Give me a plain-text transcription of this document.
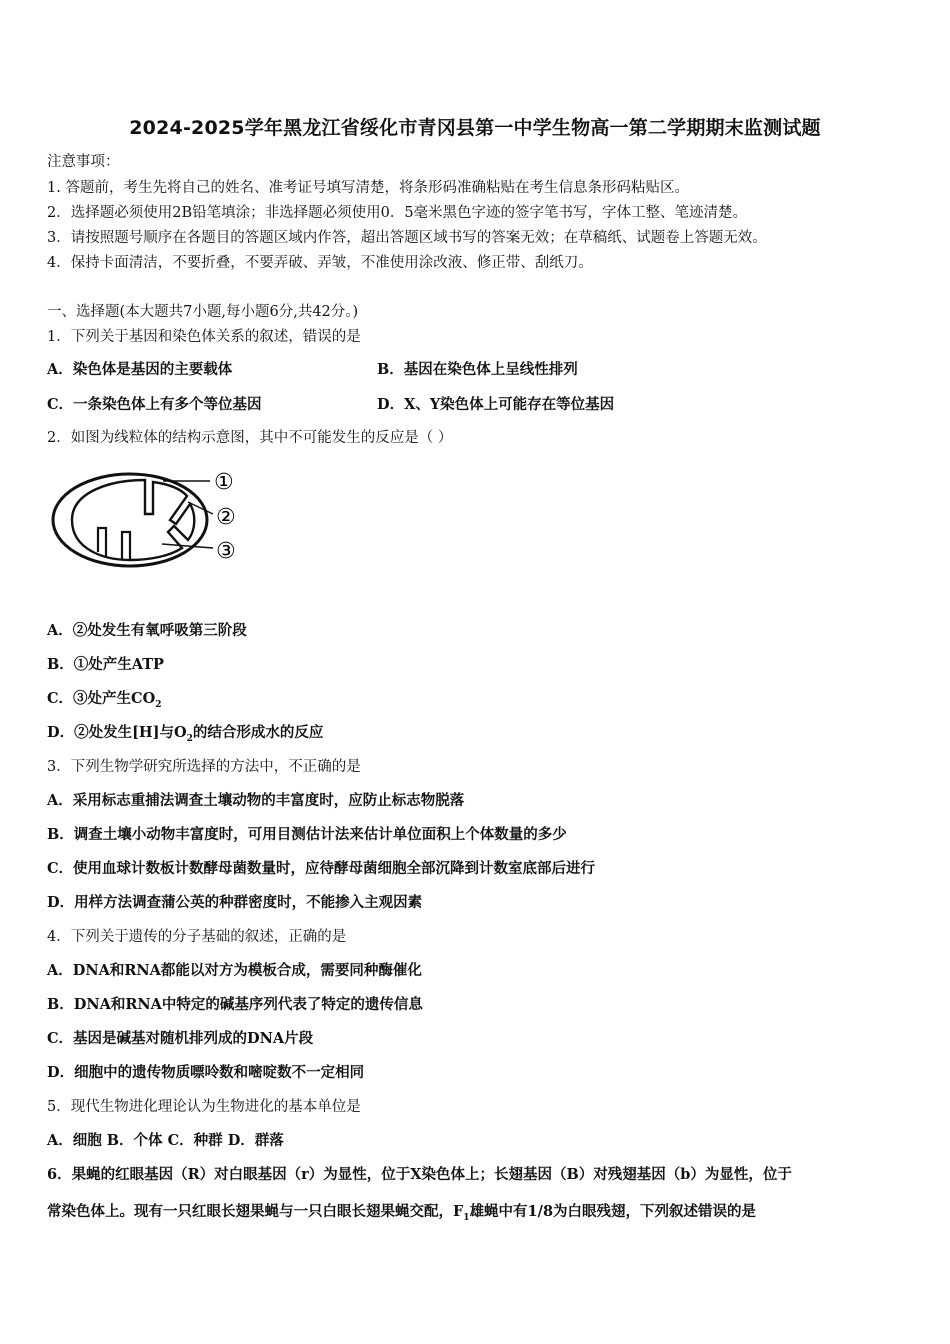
2024-2025学年黑龙江省绥化市青冈县第一中学生物高一第二学期期末监测试题
注意事项：
1. 答题前，考生先将自己的姓名、准考证号填写清楚，将条形码准确粘贴在考生信息条形码粘贴区。
2．选择题必须使用2B铅笔填涂；非选择题必须使用0．5毫米黑色字迹的签字笔书写，字体工整、笔迹清楚。
3．请按照题号顺序在各题目的答题区域内作答，超出答题区域书写的答案无效；在草稿纸、试题卷上答题无效。
4．保持卡面清洁，不要折叠，不要弄破、弄皱，不准使用涂改液、修正带、刮纸刀。
一、选择题(本大题共7小题,每小题6分,共42分。)
1．下列关于基因和染色体关系的叙述，错误的是
A．染色体是基因的主要载体	B．基因在染色体上呈线性排列
C．一条染色体上有多个等位基因	D．X、Y染色体上可能存在等位基因
2．如图为线粒体的结构示意图，其中不可能发生的反应是（ ）
①
②
③
A．②处发生有氧呼吸第三阶段
B．①处产生ATP
C．③处产生$CO_2$
D．②处发生[H]与$O_2$的结合形成水的反应
3．下列生物学研究所选择的方法中，不正确的是
A．采用标志重捕法调查土壤动物的丰富度时，应防止标志物脱落
B．调查土壤小动物丰富度时，可用目测估计法来估计单位面积上个体数量的多少
C．使用血球计数板计数酵母菌数量时，应待酵母菌细胞全部沉降到计数室底部后进行
D．用样方法调查蒲公英的种群密度时，不能掺入主观因素
4．下列关于遗传的分子基础的叙述，正确的是
A．DNA和RNA都能以对方为模板合成，需要同种酶催化
B．DNA和RNA中特定的碱基序列代表了特定的遗传信息
C．基因是碱基对随机排列成的DNA片段
D．细胞中的遗传物质嘌呤数和嘧啶数不一定相同
5．现代生物进化理论认为生物进化的基本单位是
A．细胞 B．个体 C．种群 D．群落
6．果蝇的红眼基因（R）对白眼基因（r）为显性，位于X染色体上；长翅基因（B）对残翅基因（b）为显性，位于
常染色体上。现有一只红眼长翅果蝇与一只白眼长翅果蝇交配，$F_1$雄蝇中有1/8为白眼残翅，下列叙述错误的是
